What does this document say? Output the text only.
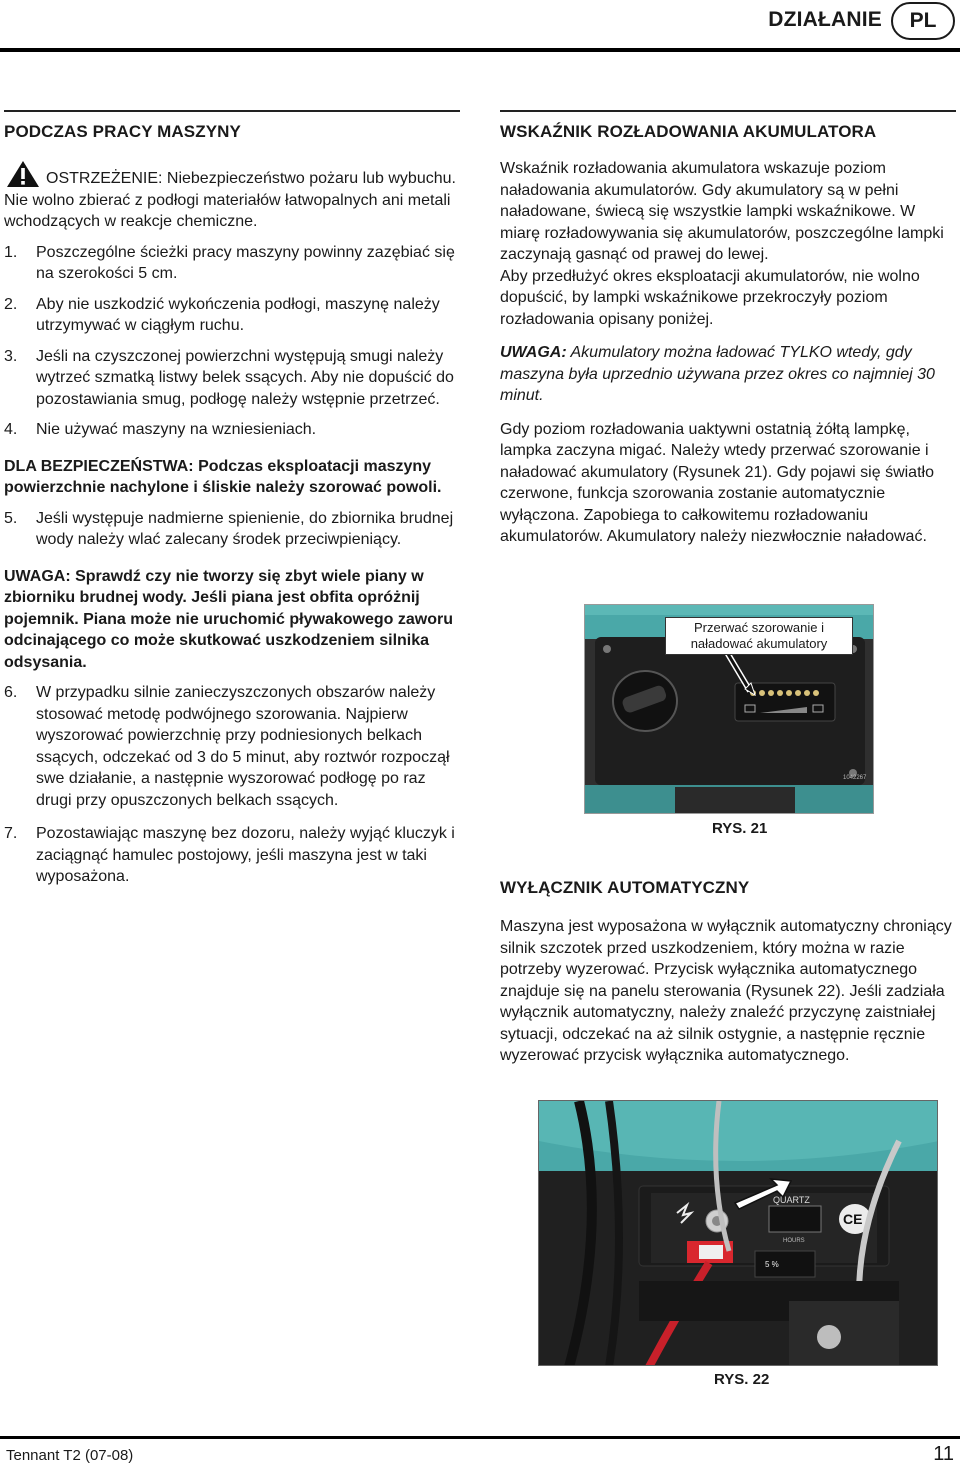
DZIAŁANIE	PL
PODCZAS PRACY MASZYNY

OSTRZEŻENIE: Niebezpieczeństwo pożaru lub wybuchu. Nie wolno zbierać z podłogi materiałów łatwopalnych ani metali wchodzących w reakcje chemiczne.

1. Poszczególne ścieżki pracy maszyny powinny zazębiać się na szerokości 5 cm.
2. Aby nie uszkodzić wykończenia podłogi, maszynę należy utrzymywać w ciągłym ruchu.
3. Jeśli na czyszczonej powierzchni występują smugi należy wytrzeć szmatką listwy belek ssących. Aby nie dopuścić do pozostawiania smug, podłogę należy wstępnie przetrzeć.
4. Nie używać maszyny na wzniesieniach.

DLA BEZPIECZEŃSTWA: Podczas eksploatacji maszyny powierzchnie nachylone i śliskie należy szorować powoli.

5. Jeśli występuje nadmierne spienienie, do zbiornika brudnej wody należy wlać zalecany środek przeciwpieniący.

UWAGA: Sprawdź czy nie tworzy się zbyt wiele piany w zbiorniku brudnej wody. Jeśli piana jest obfita opróżnij pojemnik. Piana może nie uruchomić pływakowego zaworu odcinającego co może skutkować uszkodzeniem silnika odsysania.

6. W przypadku silnie zanieczyszczonych obszarów należy stosować metodę podwójnego szorowania. Najpierw wyszorować powierzchnię przy podniesionych belkach ssących, odczekać od 3 do 5 minut, aby roztwór rozpoczął swe działanie, a następnie wyszorować podłogę po raz drugi przy opuszczonych belkach ssących.
7. Pozostawiając maszynę bez dozoru, należy wyjąć kluczyk i zaciągnąć hamulec postojowy, jeśli maszyna jest w taki wyposażona.
WSKAŹNIK ROZŁADOWANIA AKUMULATORA

Wskaźnik rozładowania akumulatora wskazuje poziom naładowania akumulatorów. Gdy akumulatory są w pełni naładowane, świecą się wszystkie lampki wskaźnikowe. W miarę rozładowywania się akumulatorów, poszczególne lampki zaczynają gasnąć od prawej do lewej.

Aby przedłużyć okres eksploatacji akumulatorów, nie wolno dopuścić, by lampki wskaźnikowe przekroczyły poziom rozładowania opisany poniżej.

UWAGA: Akumulatory można ładować TYLKO wtedy, gdy maszyna była uprzednio używana przez okres co najmniej 30 minut.

Gdy poziom rozładowania uaktywni ostatnią żółtą lampkę, lampka zaczyna migać. Należy wtedy przerwać szorowanie i naładować akumulatory (Rysunek 21). Gdy pojawi się światło czerwone, funkcja szorowania zostanie automatycznie wyłączona. Zapobiega to całkowitemu rozładowaniu akumulatorów. Akumulatory należy niezwłocznie naładować.

1042267
Przerwać szorowanie i naładować akumulatory
RYS. 21
WYŁĄCZNIK AUTOMATYCZNY

Maszyna jest wyposażona w wyłącznik automatyczny chroniący silnik szczotek przed uszkodzeniem, który można w razie potrzeby wyzerować. Przycisk wyłącznika automatycznego znajduje się na panelu sterowania (Rysunek 22). Jeśli zadziała wyłącznik automatyczny, należy znaleźć przyczynę zaistniałej sytuacji, odczekać na aż silnik ostygnie, a następnie ręcznie wyzerować przycisk wyłącznika automatycznego.

QUARTZ
HOURS
CE
5 %
RYS. 22
Tennant T2 (07-08)	11
